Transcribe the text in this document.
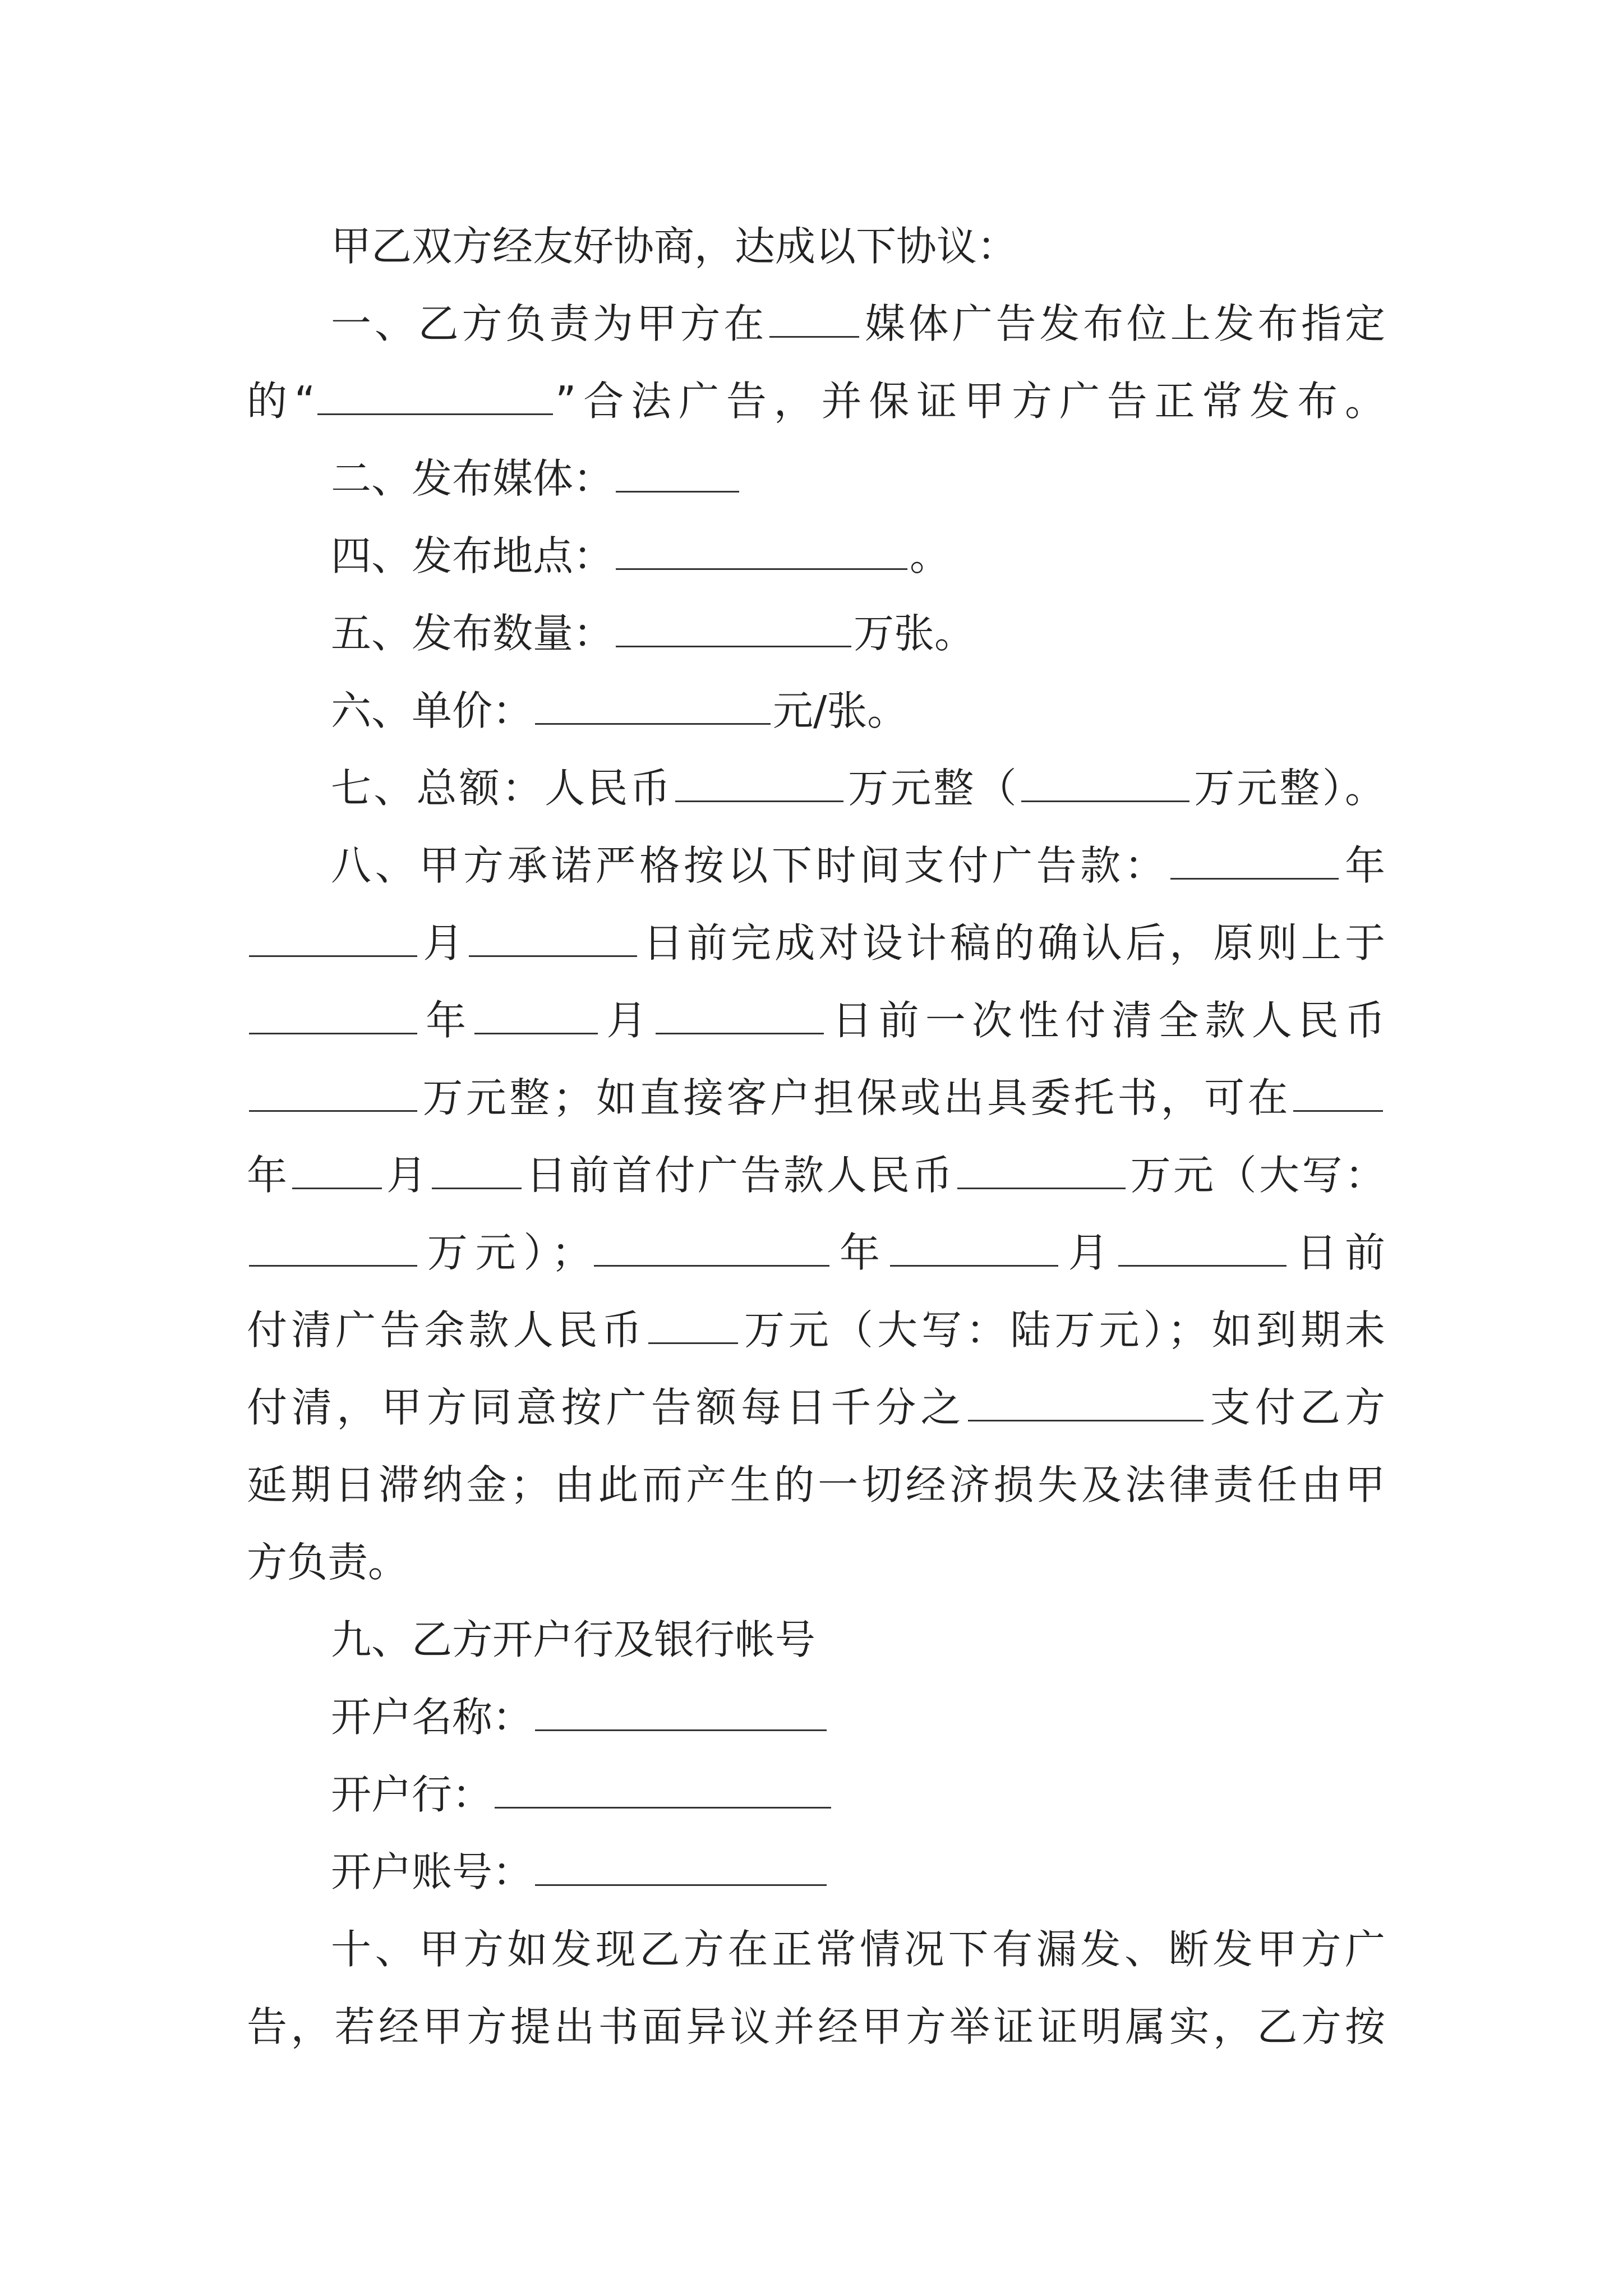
甲乙双方经友好协商，达成以下协议：
一、乙方负责为甲方在 媒体广告发布位上发布指定
的“	”合法广告，并保证甲方广告正常发布。
二、发布媒体：
四、发布地点：	。
五、发布数量：	万张。
六、单价：	元/张。
七、总额：人民币	万元整（	万元整）。
八、甲方承诺严格按以下时间支付广告款：	年
月	日前完成对设计稿的确认后，原则上于
年	月	日前一次性付清全款人民币
万元整；如直接客户担保或出具委托书，可在
年 月 日前首付广告款人民币	万元（大写：
万元）；	年	月	日前
付清广告余款人民币 万元（大写：陆万元）；如到期未
付清，甲方同意按广告额每日千分之	支付乙方
延期日滞纳金；由此而产生的一切经济损失及法律责任由甲
方负责。
九、乙方开户行及银行帐号
开户名称：
开户行：
开户账号：
十、甲方如发现乙方在正常情况下有漏发、断发甲方广
告，若经甲方提出书面异议并经甲方举证证明属实，乙方按
